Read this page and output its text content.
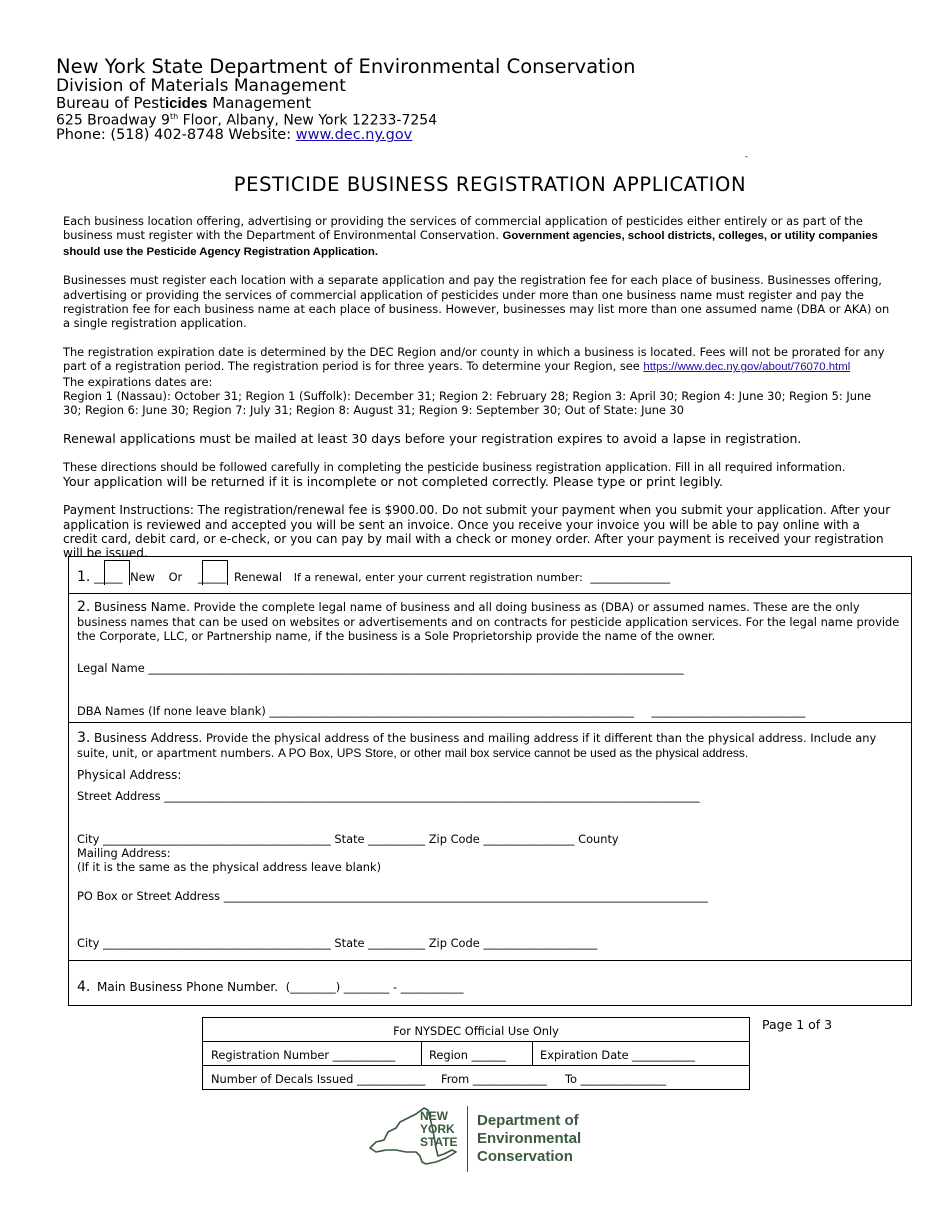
New York State Department of Environmental Conservation
Division of Materials Management
Bureau of Pesticides Management
625 Broadway 9th Floor, Albany, New York 12233-7254
Phone: (518) 402-8748 Website: www.dec.ny.gov
-
PESTICIDE BUSINESS REGISTRATION APPLICATION

Each business location offering, advertising or providing the services of commercial application of pesticides either entirely or as part of the business must register with the Department of Environmental Conservation. Government agencies, school districts, colleges, or utility companies should use the Pesticide Agency Registration Application.

Businesses must register each location with a separate application and pay the registration fee for each place of business. Businesses offering, advertising or providing the services of commercial application of pesticides under more than one business name must register and pay the registration fee for each business name at each place of business. However, businesses may list more than one assumed name (DBA or AKA) on a single registration application.

The registration expiration date is determined by the DEC Region and/or county in which a business is located. Fees will not be prorated for any part of a registration period. The registration period is for three years. To determine your Region, see https://www.dec.ny.gov/about/76070.html
The expirations dates are:
Region 1 (Nassau): October 31; Region 1 (Suffolk): December 31; Region 2: February 28; Region 3: April 30; Region 4: June 30; Region 5: June 30; Region 6: June 30; Region 7: July 31; Region 8: August 31; Region 9: September 30; Out of State: June 30

Renewal applications must be mailed at least 30 days before your registration expires to avoid a lapse in registration.

These directions should be followed carefully in completing the pesticide business registration application. Fill in all required information.
Your application will be returned if it is incomplete or not completed correctly. Please type or print legibly.

Payment Instructions: The registration/renewal fee is $900.00. Do not submit your payment when you submit your application. After your application is reviewed and accepted you will be sent an invoice. Once you receive your invoice you will be able to pay online with a credit card, debit card, or e-check, or you can pay by mail with a check or money order. After your payment is received your registration will be issued.

1. _____ New Or _____ Renewal If a renewal, enter your current registration number: ______________
2. Business Name. Provide the complete legal name of business and all doing business as (DBA) or assumed names. These are the only business names that can be used on websites or advertisements and on contracts for pesticide application services. For the legal name provide the Corporate, LLC, or Partnership name, if the business is a Sole Proprietorship provide the name of the owner.
Legal Name ______________________________________________________________________________________________
DBA Names (If none leave blank) ________________________________________________________________ ___________________________
3. Business Address. Provide the physical address of the business and mailing address if it different than the physical address. Include any suite, unit, or apartment numbers. A PO Box, UPS Store, or other mail box service cannot be used as the physical address.
Physical Address:
Street Address ______________________________________________________________________________________________
City ________________________________________ State __________ Zip Code ________________ County
Mailing Address:
(If it is the same as the physical address leave blank)
PO Box or Street Address _____________________________________________________________________________________
City ________________________________________ State __________ Zip Code ____________________
4. Main Business Phone Number. (________) ________ - ___________
Page 1 of 3
For NYSDEC Official Use Only
Registration Number ___________	Region ______	Expiration Date ___________
Number of Decals Issued ____________ From _____________ To _______________
NEW
YORK
STATE
Department of
Environmental
Conservation
